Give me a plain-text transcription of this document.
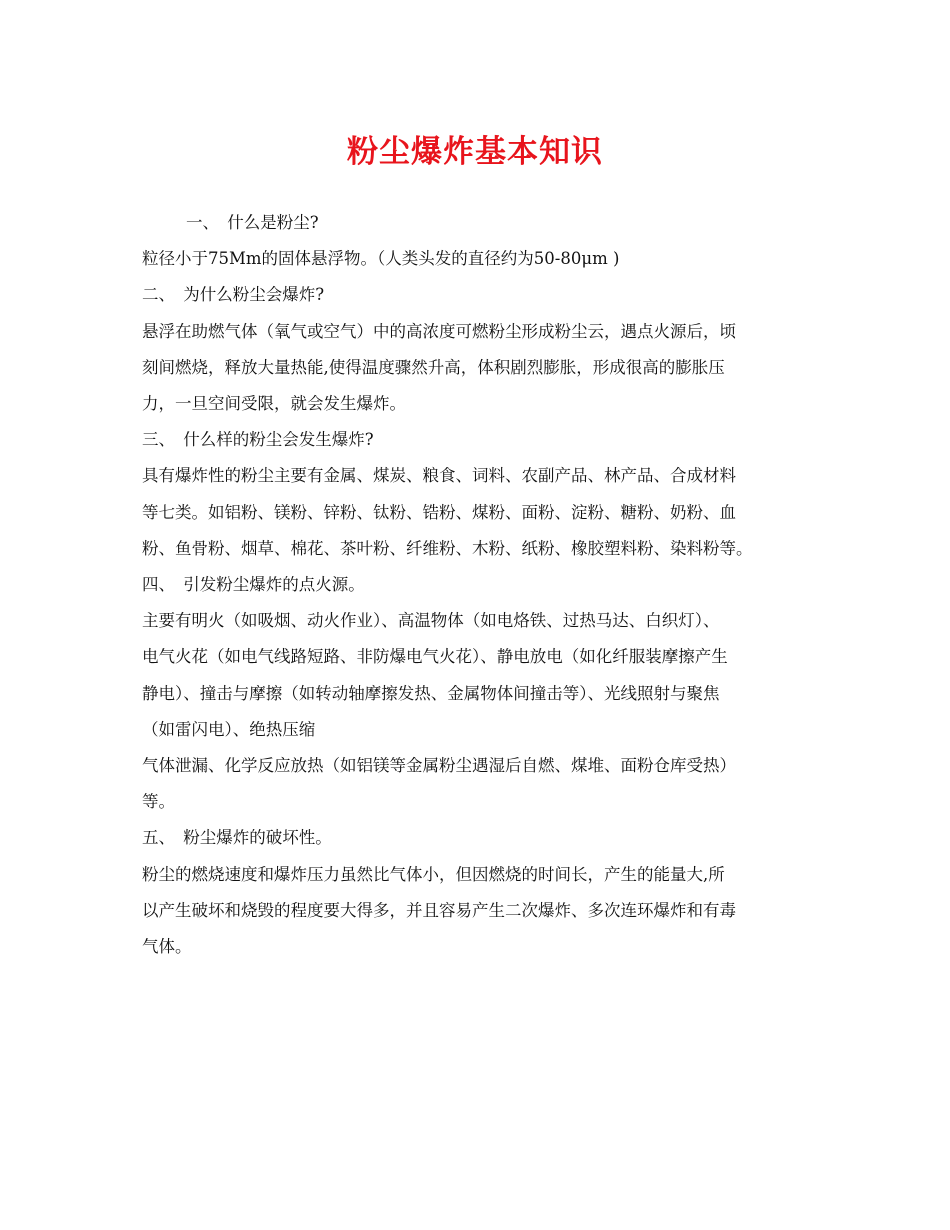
粉尘爆炸基本知识

一、　什么是粉尘?

粒径小于75Mm的固体悬浮物。（人类头发的直径约为50-80μm )

二、　为什么粉尘会爆炸?

悬浮在助燃气体（氧气或空气）中的高浓度可燃粉尘形成粉尘云，遇点火源后，顷

刻间燃烧，释放大量热能,使得温度骤然升高，体积剧烈膨胀，形成很高的膨胀压

力，一旦空间受限，就会发生爆炸。

三、　什么样的粉尘会发生爆炸?

具有爆炸性的粉尘主要有金属、煤炭、粮食、词料、农副产品、林产品、合成材料

等七类。如铝粉、镁粉、锌粉、钛粉、锆粉、煤粉、面粉、淀粉、糖粉、奶粉、血

粉、鱼骨粉、烟草、棉花、茶叶粉、纤维粉、木粉、纸粉、橡胶塑料粉、染料粉等。

四、　引发粉尘爆炸的点火源。

主要有明火（如吸烟、动火作业）、高温物体（如电烙铁、过热马达、白织灯）、

电气火花（如电气线路短路、非防爆电气火花）、静电放电（如化纤服装摩擦产生

静电）、撞击与摩擦（如转动轴摩擦发热、金属物体间撞击等）、光线照射与聚焦

（如雷闪电）、绝热压缩

气体泄漏、化学反应放热（如铝镁等金属粉尘遇湿后自燃、煤堆、面粉仓库受热）

等。

五、　粉尘爆炸的破坏性。

粉尘的燃烧速度和爆炸压力虽然比气体小，但因燃烧的时间长，产生的能量大,所

以产生破坏和烧毁的程度要大得多，并且容易产生二次爆炸、多次连环爆炸和有毒

气体。
